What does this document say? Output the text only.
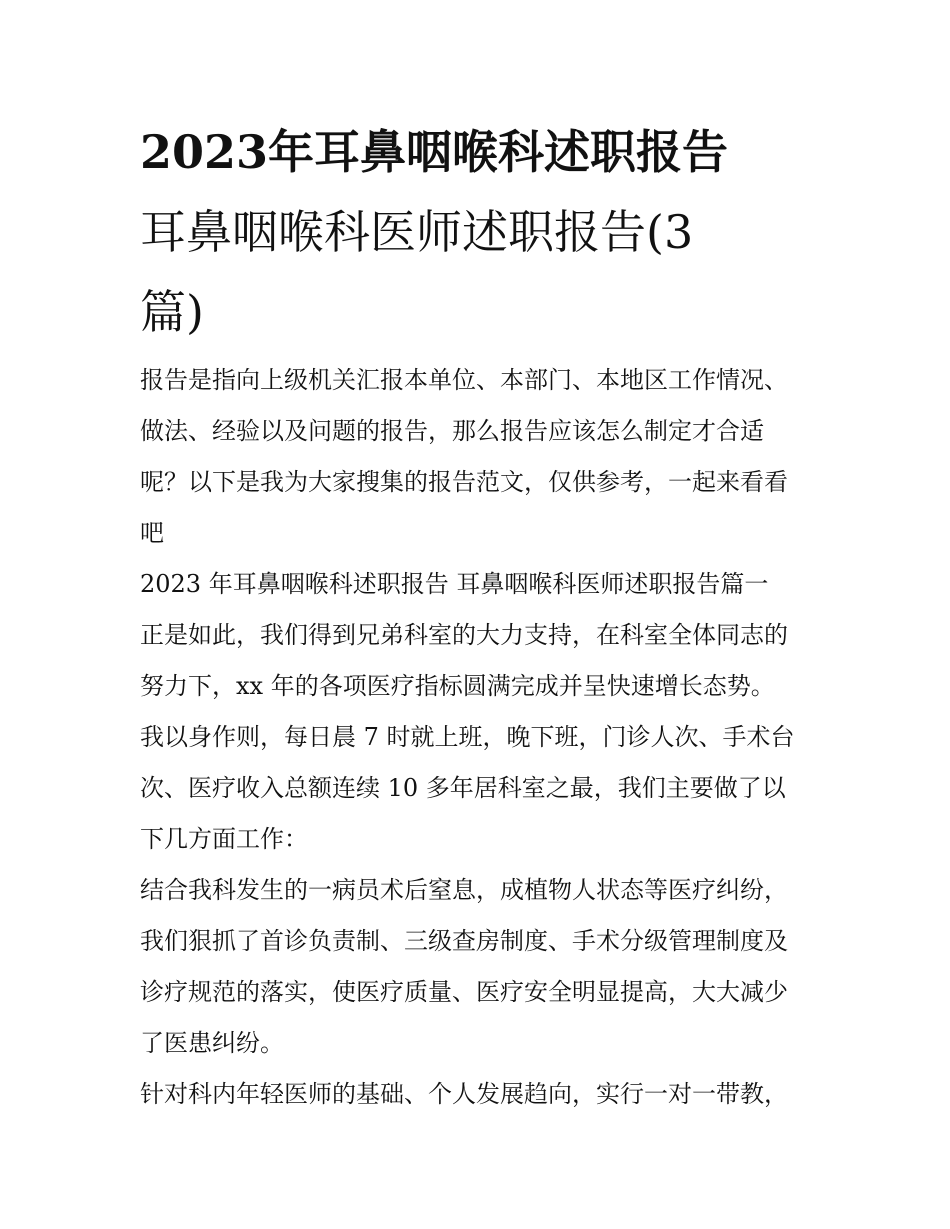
2023年耳鼻咽喉科述职报告
耳鼻咽喉科医师述职报告(3
篇)
报告是指向上级机关汇报本单位、本部门、本地区工作情况、
做法、经验以及问题的报告，那么报告应该怎么制定才合适
呢？以下是我为大家搜集的报告范文，仅供参考，一起来看看
吧
2023 年耳鼻咽喉科述职报告 耳鼻咽喉科医师述职报告篇一
正是如此，我们得到兄弟科室的大力支持，在科室全体同志的
努力下，xx 年的各项医疗指标圆满完成并呈快速增长态势。
我以身作则，每日晨 7 时就上班，晚下班，门诊人次、手术台
次、医疗收入总额连续 10 多年居科室之最，我们主要做了以
下几方面工作：
结合我科发生的一病员术后窒息，成植物人状态等医疗纠纷，
我们狠抓了首诊负责制、三级查房制度、手术分级管理制度及
诊疗规范的落实，使医疗质量、医疗安全明显提高，大大减少
了医患纠纷。
针对科内年轻医师的基础、个人发展趋向，实行一对一带教，
